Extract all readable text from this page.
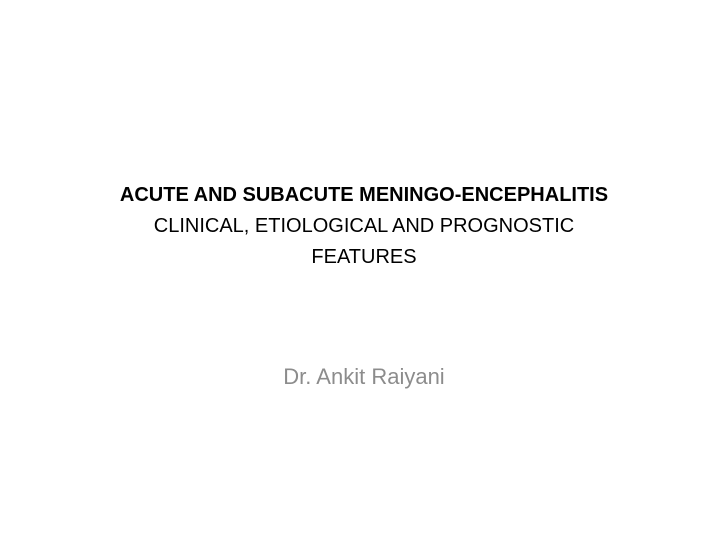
ACUTE AND SUBACUTE MENINGO-ENCEPHALITIS
CLINICAL, ETIOLOGICAL AND PROGNOSTIC
FEATURES
Dr. Ankit Raiyani
